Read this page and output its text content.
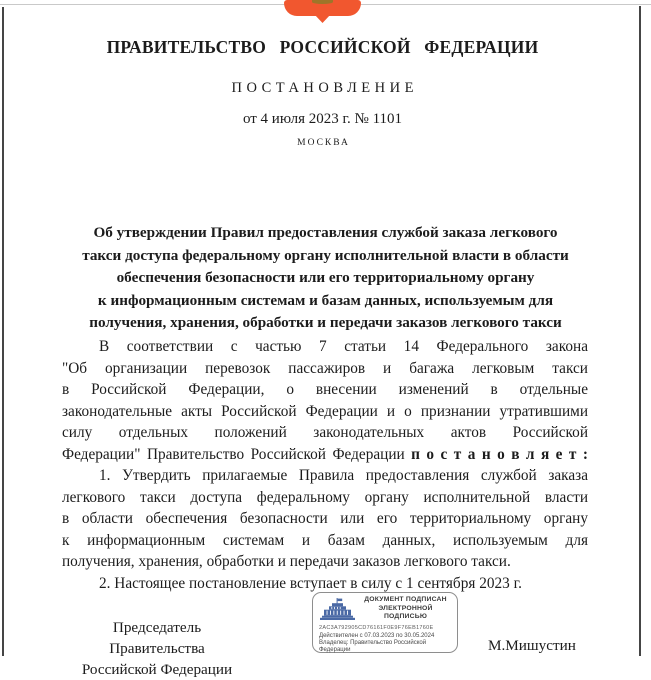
ПРАВИТЕЛЬСТВО РОССИЙСКОЙ ФЕДЕРАЦИИ
ПОСТАНОВЛЕНИЕ
от 4 июля 2023 г. № 1101
МОСКВА
Об утверждении Правил предоставления службой заказа легкового
такси доступа федеральному органу исполнительной власти в области
обеспечения безопасности или его территориальному органу
к информационным системам и базам данных, используемым для
получения, хранения, обработки и передачи заказов легкового такси
В соответствии с частью 7 статьи 14 Федерального закона
"Об организации перевозок пассажиров и багажа легковым такси
в Российской Федерации, о внесении изменений в отдельные
законодательные акты Российской Федерации и о признании утратившими
силу отдельных положений законодательных актов Российской
Федерации" Правительство Российской Федерации п о с т а н о в л я е т :
1. Утвердить прилагаемые Правила предоставления службой заказа
легкового такси доступа федеральному органу исполнительной власти
в области обеспечения безопасности или его территориальному органу
к информационным системам и базам данных, используемым для
получения, хранения, обработки и передачи заказов легкового такси.
2. Настоящее постановление вступает в силу с 1 сентября 2023 г.
Председатель Правительства
Российской Федерации
ДОКУМЕНТ ПОДПИСАН
ЭЛЕКТРОННОЙ ПОДПИСЬЮ
2AC3A792905CD76161F0E9F76EB1760E
Действителен с 07.03.2023 по 30.05.2024
Владелец: Правительство Российской Федерации	М.Мишустин
